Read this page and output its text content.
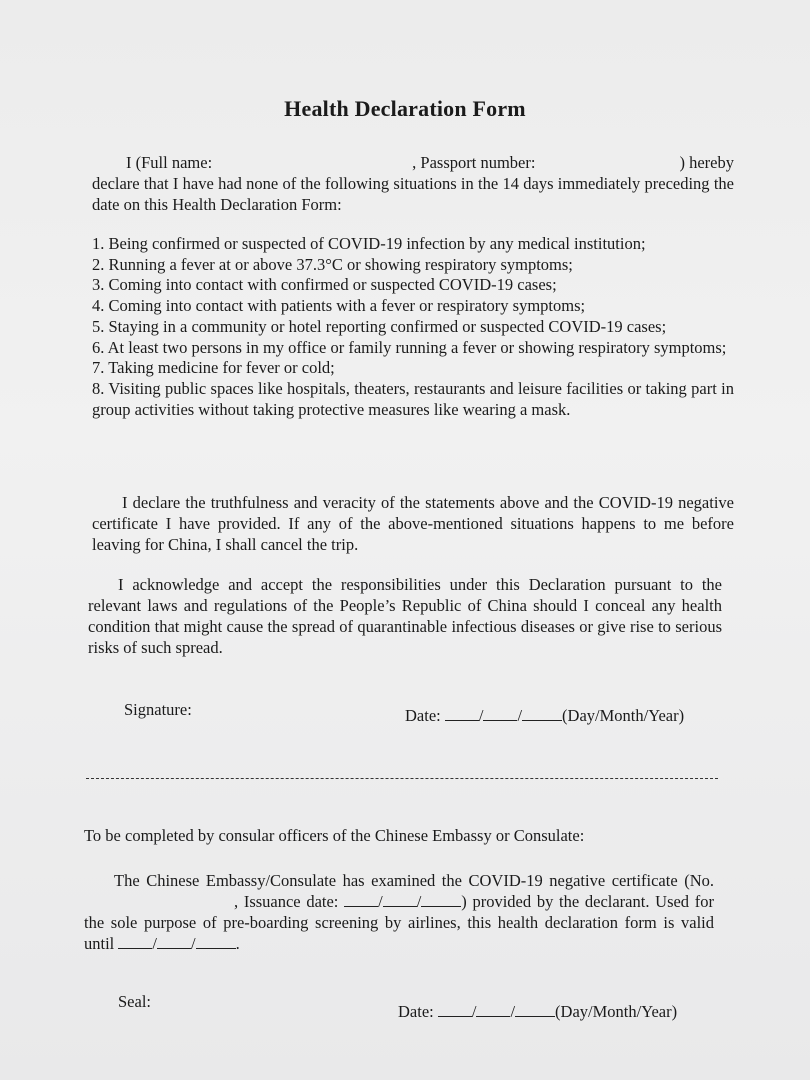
Health Declaration Form
I (Full name:	, Passport number:	) hereby
declare that I have had none of the following situations in the 14 days immediately preceding the date on this Health Declaration Form:
1. Being confirmed or suspected of COVID-19 infection by any medical institution;
2. Running a fever at or above 37.3°C or showing respiratory symptoms;
3. Coming into contact with confirmed or suspected COVID-19 cases;
4. Coming into contact with patients with a fever or respiratory symptoms;
5. Staying in a community or hotel reporting confirmed or suspected COVID-19 cases;
6. At least two persons in my office or family running a fever or showing respiratory symptoms;
7. Taking medicine for fever or cold;
8. Visiting public spaces like hospitals, theaters, restaurants and leisure facilities or taking part in group activities without taking protective measures like wearing a mask.
I declare the truthfulness and veracity of the statements above and the COVID-19 negative certificate I have provided. If any of the above-mentioned situations happens to me before leaving for China, I shall cancel the trip.
I acknowledge and accept the responsibilities under this Declaration pursuant to the relevant laws and regulations of the People’s Republic of China should I conceal any health condition that might cause the spread of quarantinable infectious diseases or give rise to serious risks of such spread.
Signature:	Date: / / (Day/Month/Year)
To be completed by consular officers of the Chinese Embassy or Consulate:
The Chinese Embassy/Consulate has examined the COVID-19 negative certificate (No., Issuance date: / / ) provided by the declarant. Used for the sole purpose of pre-boarding screening by airlines, this health declaration form is valid until / / .
Seal:
Date: / / (Day/Month/Year)
